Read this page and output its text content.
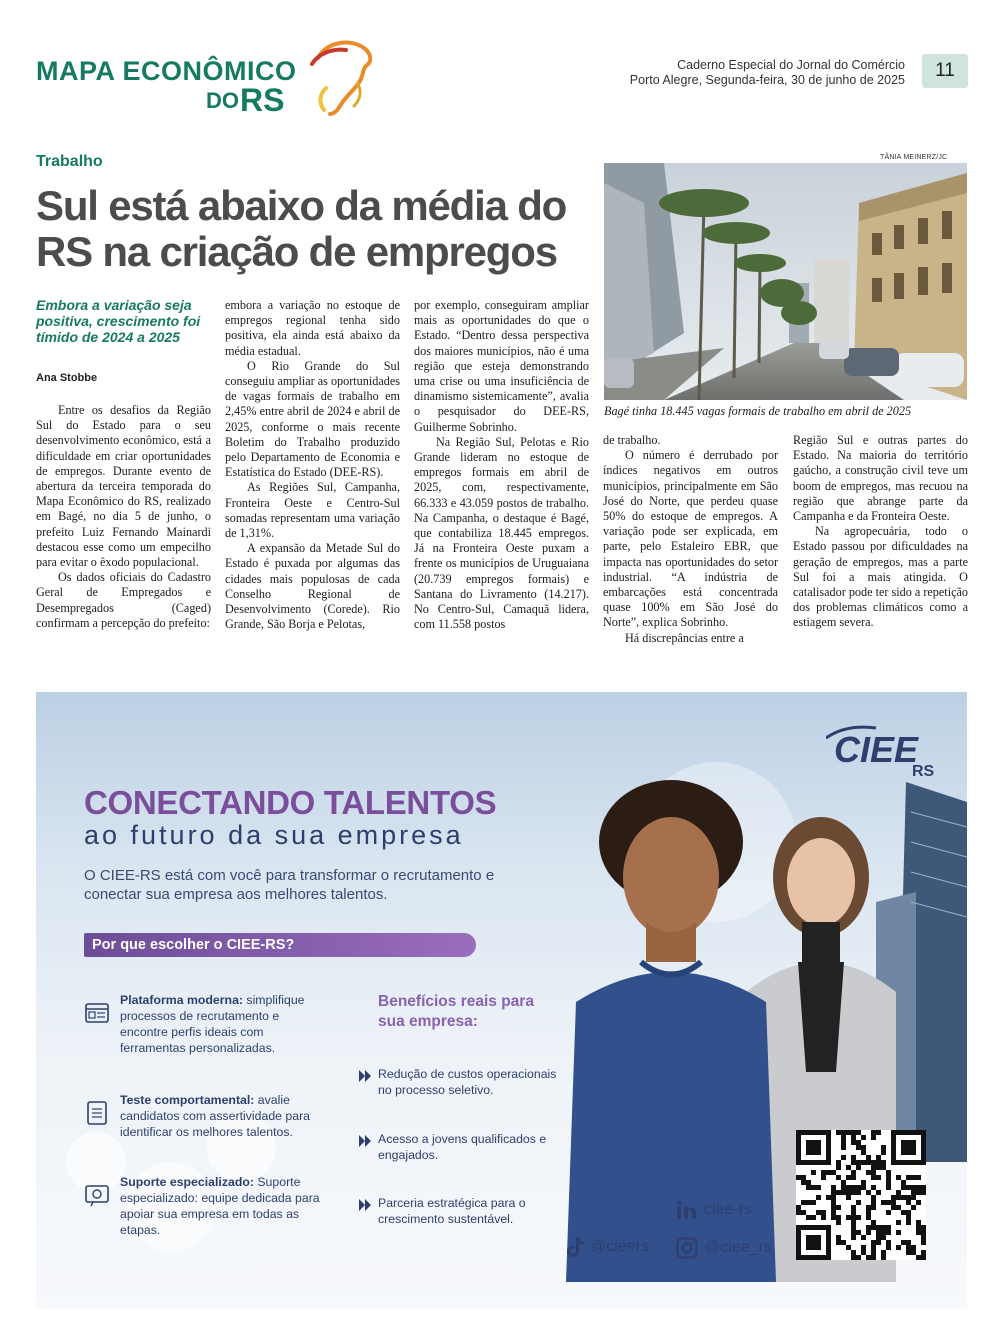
MAPA ECONÔMICO
DO RS
Caderno Especial do Jornal do Comércio
Porto Alegre, Segunda-feira, 30 de junho de 2025	11
Trabalho
Sul está abaixo da média do RS na criação de empregos
Embora a variação seja positiva, crescimento foi tímido de 2024 a 2025
Ana Stobbe

Entre os desafios da Região Sul do Estado para o seu desenvolvimento econômico, está a dificuldade em criar oportunidades de empregos. Durante evento de abertura da terceira temporada do Mapa Econômico do RS, realizado em Bagé, no dia 5 de junho, o prefeito Luiz Fernando Mainardi destacou esse como um empecilho para evitar o êxodo populacional.

Os dados oficiais do Cadastro Geral de Empregados e Desempregados (Caged) confirmam a percepção do prefeito:

embora a variação no estoque de empregos regional tenha sido positiva, ela ainda está abaixo da média estadual.

O Rio Grande do Sul conseguiu ampliar as oportunidades de vagas formais de trabalho em 2,45% entre abril de 2024 e abril de 2025, conforme o mais recente Boletim do Trabalho produzido pelo Departamento de Economia e Estatística do Estado (DEE-RS).

As Regiões Sul, Campanha, Fronteira Oeste e Centro-Sul somadas representam uma variação de 1,31%.

A expansão da Metade Sul do Estado é puxada por algumas das cidades mais populosas de cada Conselho Regional de Desenvolvimento (Corede). Rio Grande, São Borja e Pelotas,

por exemplo, conseguiram ampliar mais as oportunidades do que o Estado. “Dentro dessa perspectiva dos maiores municípios, não é uma região que esteja demonstrando uma crise ou uma insuficiência de dinamismo sistemicamente”, avalia o pesquisador do DEE-RS, Guilherme Sobrinho.

Na Região Sul, Pelotas e Rio Grande lideram no estoque de empregos formais em abril de 2025, com, respectivamente, 66.333 e 43.059 postos de trabalho. Na Campanha, o destaque é Bagé, que contabiliza 18.445 empregos. Já na Fronteira Oeste puxam a frente os municípios de Uruguaiana (20.739 empregos formais) e Santana do Livramento (14.217). No Centro-Sul, Camaquã lidera, com 11.558 postos

de trabalho.

O número é derrubado por índices negativos em outros municípios, principalmente em São José do Norte, que perdeu quase 50% do estoque de empregos. A variação pode ser explicada, em parte, pelo Estaleiro EBR, que impacta nas oportunidades do setor industrial. “A indústria de embarcações está concentrada quase 100% em São José do Norte”, explica Sobrinho.

Há discrepâncias entre a

Região Sul e outras partes do Estado. Na maioria do território gaúcho, a construção civil teve um boom de empregos, mas recuou na região que abrange parte da Campanha e da Fronteira Oeste.

Na agropecuária, todo o Estado passou por dificuldades na geração de empregos, mas a parte Sul foi a mais atingida. O catalisador pode ter sido a repetição dos problemas climáticos como a estiagem severa.

TÂNIA MEINERZ/JC
Bagé tinha 18.445 vagas formais de trabalho em abril de 2025
CIEE
RS
CONECTANDO TALENTOS
ao futuro da sua empresa
O CIEE-RS está com você para transformar o recrutamento e conectar sua empresa aos melhores talentos.
Por que escolher o CIEE-RS?
Plataforma moderna: simplifique processos de recrutamento e encontre perfis ideais com ferramentas personalizadas.
Teste comportamental: avalie candidatos com assertividade para identificar os melhores talentos.
Suporte especializado: Suporte especializado: equipe dedicada para apoiar sua empresa em todas as etapas.
Benefícios reais para sua empresa:
Redução de custos operacionais no processo seletivo.
Acesso a jovens qualificados e engajados.
Parceria estratégica para o crescimento sustentável.
ciee-rs
@cieers	@ciee_rs
